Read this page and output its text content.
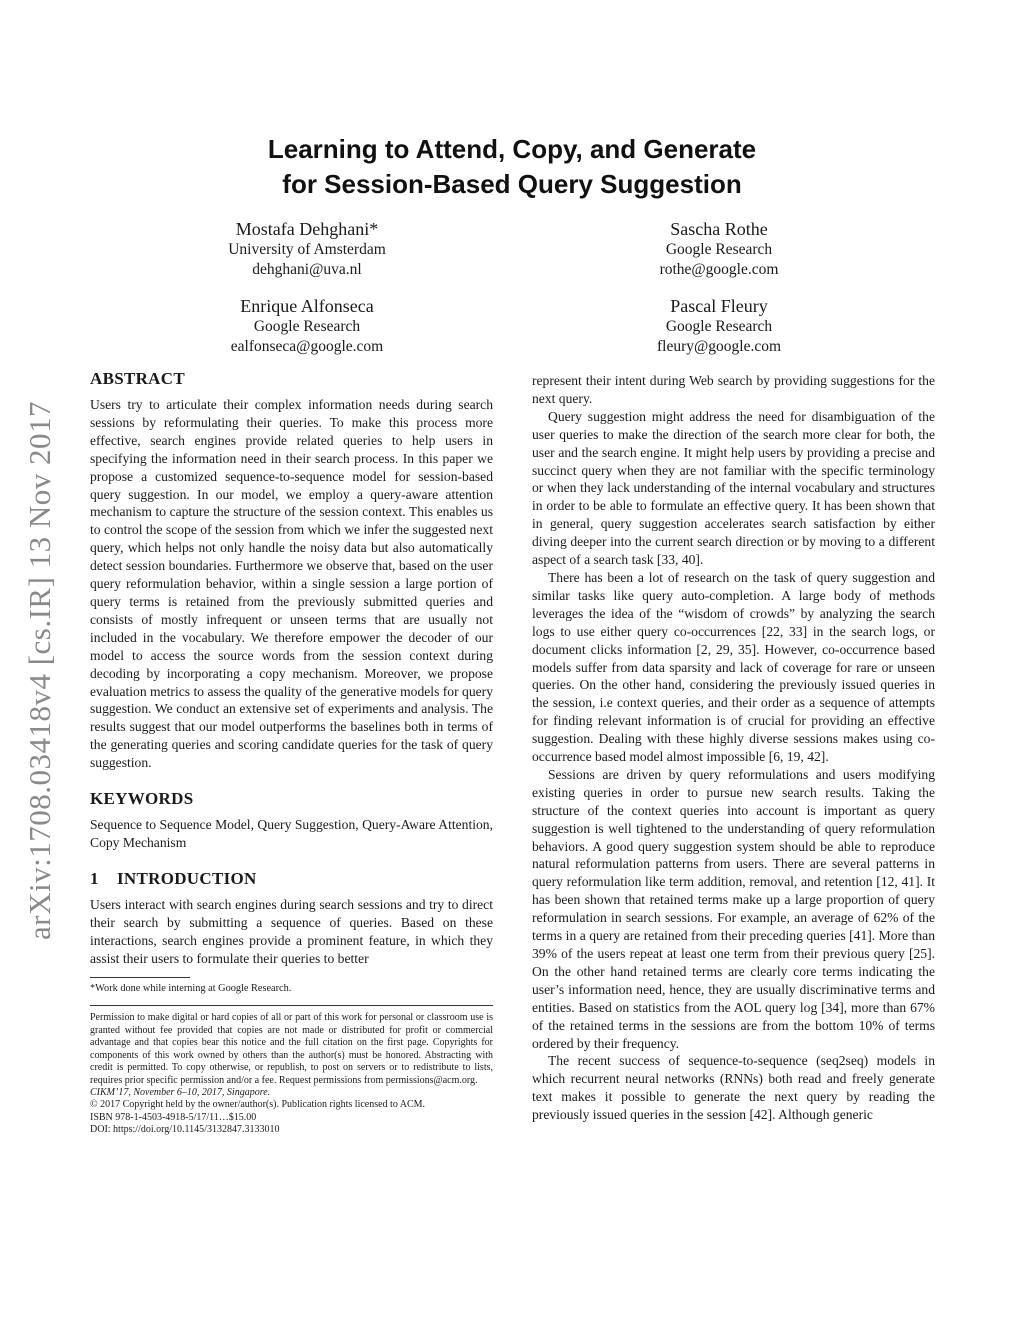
arXiv:1708.03418v4 [cs.IR] 13 Nov 2017
Learning to Attend, Copy, and Generate
for Session-Based Query Suggestion
Mostafa Dehghani*
University of Amsterdam
dehghani@uva.nl
Sascha Rothe
Google Research
rothe@google.com
Enrique Alfonseca
Google Research
ealfonseca@google.com
Pascal Fleury
Google Research
fleury@google.com
ABSTRACT

Users try to articulate their complex information needs during search sessions by reformulating their queries. To make this process more effective, search engines provide related queries to help users in specifying the information need in their search process. In this paper we propose a customized sequence-to-sequence model for session-based query suggestion. In our model, we employ a query-aware attention mechanism to capture the structure of the session context. This enables us to control the scope of the session from which we infer the suggested next query, which helps not only handle the noisy data but also automatically detect session boundaries. Furthermore we observe that, based on the user query reformulation behavior, within a single session a large portion of query terms is retained from the previously submitted queries and consists of mostly infrequent or unseen terms that are usually not included in the vocabulary. We therefore empower the decoder of our model to access the source words from the session context during decoding by incorporating a copy mechanism. Moreover, we propose evaluation metrics to assess the quality of the generative models for query suggestion. We conduct an extensive set of experiments and analysis. The results suggest that our model outperforms the baselines both in terms of the generating queries and scoring candidate queries for the task of query suggestion.

KEYWORDS

Sequence to Sequence Model, Query Suggestion, Query-Aware Attention, Copy Mechanism

1    INTRODUCTION

Users interact with search engines during search sessions and try to direct their search by submitting a sequence of queries. Based on these interactions, search engines provide a prominent feature, in which they assist their users to formulate their queries to better

*Work done while interning at Google Research.

Permission to make digital or hard copies of all or part of this work for personal or classroom use is granted without fee provided that copies are not made or distributed for profit or commercial advantage and that copies bear this notice and the full citation on the first page. Copyrights for components of this work owned by others than the author(s) must be honored. Abstracting with credit is permitted. To copy otherwise, or republish, to post on servers or to redistribute to lists, requires prior specific permission and/or a fee. Request permissions from permissions@acm.org.

CIKM’17, November 6–10, 2017, Singapore.

© 2017 Copyright held by the owner/author(s). Publication rights licensed to ACM.

ISBN 978-1-4503-4918-5/17/11…$15.00

DOI: https://doi.org/10.1145/3132847.3133010

represent their intent during Web search by providing suggestions for the next query.

Query suggestion might address the need for disambiguation of the user queries to make the direction of the search more clear for both, the user and the search engine. It might help users by providing a precise and succinct query when they are not familiar with the specific terminology or when they lack understanding of the internal vocabulary and structures in order to be able to formulate an effective query. It has been shown that in general, query suggestion accelerates search satisfaction by either diving deeper into the current search direction or by moving to a different aspect of a search task [33, 40].

There has been a lot of research on the task of query suggestion and similar tasks like query auto-completion. A large body of methods leverages the idea of the “wisdom of crowds” by analyzing the search logs to use either query co-occurrences [22, 33] in the search logs, or document clicks information [2, 29, 35]. However, co-occurrence based models suffer from data sparsity and lack of coverage for rare or unseen queries. On the other hand, considering the previously issued queries in the session, i.e context queries, and their order as a sequence of attempts for finding relevant information is of crucial for providing an effective suggestion. Dealing with these highly diverse sessions makes using co-occurrence based model almost impossible [6, 19, 42].

Sessions are driven by query reformulations and users modifying existing queries in order to pursue new search results. Taking the structure of the context queries into account is important as query suggestion is well tightened to the understanding of query reformulation behaviors. A good query suggestion system should be able to reproduce natural reformulation patterns from users. There are several patterns in query reformulation like term addition, removal, and retention [12, 41]. It has been shown that retained terms make up a large proportion of query reformulation in search sessions. For example, an average of 62% of the terms in a query are retained from their preceding queries [41]. More than 39% of the users repeat at least one term from their previous query [25]. On the other hand retained terms are clearly core terms indicating the user’s information need, hence, they are usually discriminative terms and entities. Based on statistics from the AOL query log [34], more than 67% of the retained terms in the sessions are from the bottom 10% of terms ordered by their frequency.

The recent success of sequence-to-sequence (seq2seq) models in which recurrent neural networks (RNNs) both read and freely generate text makes it possible to generate the next query by reading the previously issued queries in the session [42]. Although generic
